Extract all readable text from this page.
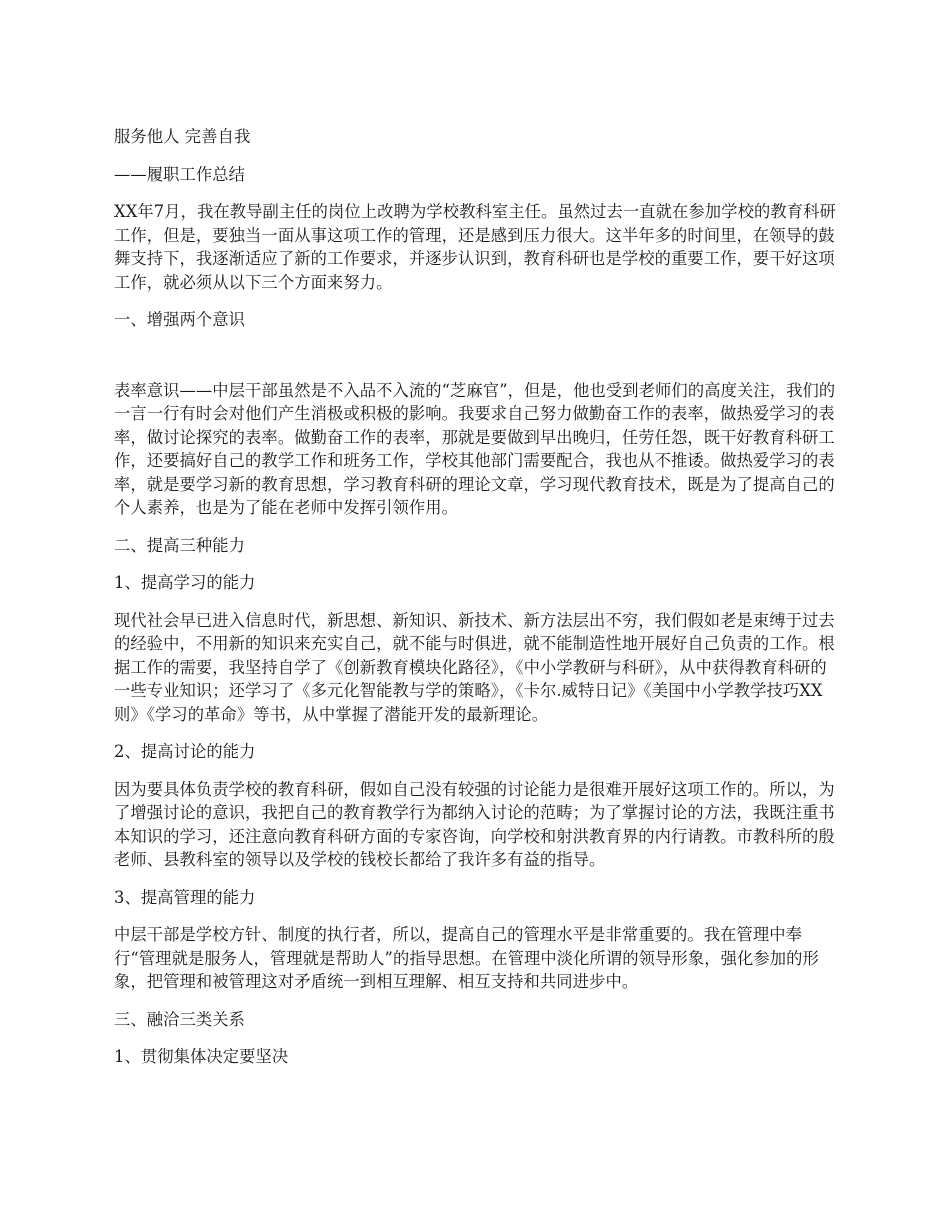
服务他人 完善自我

——履职工作总结

XX年7月，我在教导副主任的岗位上改聘为学校教科室主任。虽然过去一直就在参加学校的教育科研工作，但是，要独当一面从事这项工作的管理，还是感到压力很大。这半年多的时间里，在领导的鼓舞支持下，我逐渐适应了新的工作要求，并逐步认识到，教育科研也是学校的重要工作，要干好这项工作，就必须从以下三个方面来努力。

一、增强两个意识

表率意识——中层干部虽然是不入品不入流的“芝麻官”，但是，他也受到老师们的高度关注，我们的一言一行有时会对他们产生消极或积极的影响。我要求自己努力做勤奋工作的表率，做热爱学习的表率，做讨论探究的表率。做勤奋工作的表率，那就是要做到早出晚归，任劳任怨，既干好教育科研工作，还要搞好自己的教学工作和班务工作，学校其他部门需要配合，我也从不推诿。做热爱学习的表率，就是要学习新的教育思想，学习教育科研的理论文章，学习现代教育技术，既是为了提高自己的个人素养，也是为了能在老师中发挥引领作用。

二、提高三种能力

1、提高学习的能力

现代社会早已进入信息时代，新思想、新知识、新技术、新方法层出不穷，我们假如老是束缚于过去的经验中，不用新的知识来充实自己，就不能与时俱进，就不能制造性地开展好自己负责的工作。根据工作的需要，我坚持自学了《创新教育模块化路径》，《中小学教研与科研》，从中获得教育科研的一些专业知识；还学习了《多元化智能教与学的策略》，《卡尔.威特日记》《美国中小学教学技巧XX则》《学习的革命》等书，从中掌握了潜能开发的最新理论。

2、提高讨论的能力

因为要具体负责学校的教育科研，假如自己没有较强的讨论能力是很难开展好这项工作的。所以，为了增强讨论的意识，我把自己的教育教学行为都纳入讨论的范畴；为了掌握讨论的方法，我既注重书本知识的学习，还注意向教育科研方面的专家咨询，向学校和射洪教育界的内行请教。市教科所的殷老师、县教科室的领导以及学校的钱校长都给了我许多有益的指导。

3、提高管理的能力

中层干部是学校方针、制度的执行者，所以，提高自己的管理水平是非常重要的。我在管理中奉行“管理就是服务人，管理就是帮助人”的指导思想。在管理中淡化所谓的领导形象，强化参加的形象，把管理和被管理这对矛盾统一到相互理解、相互支持和共同进步中。

三、融洽三类关系

1、贯彻集体决定要坚决
